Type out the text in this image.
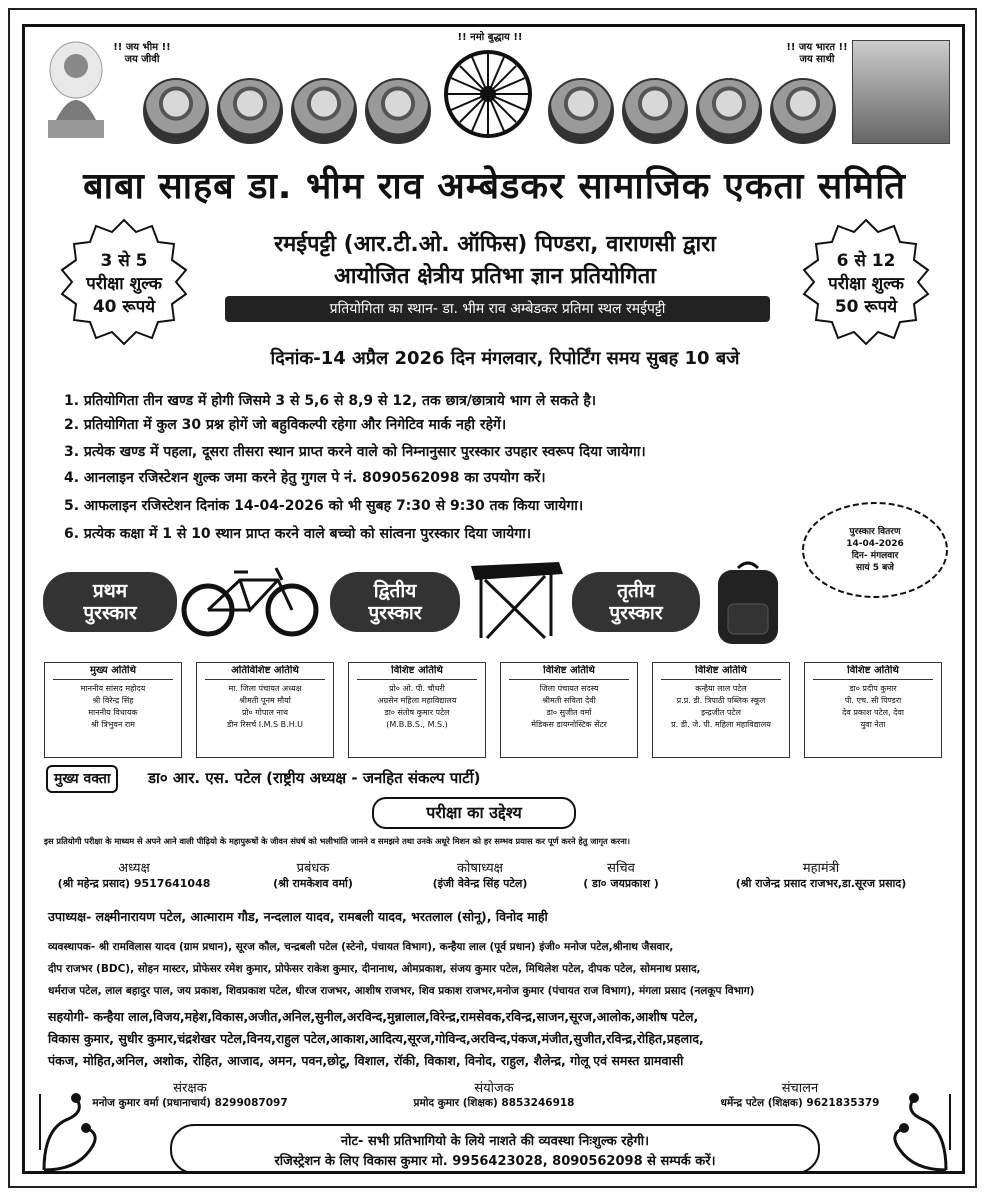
!! जय भीम !!
जय जीवी
!! नमो बुद्धाय !!
!! जय भारत !!
जय साथी
बाबा साहब डा. भीम राव अम्बेडकर सामाजिक एकता समिति
3 से 5
परीक्षा शुल्क
40 रूपये
6 से 12
परीक्षा शुल्क
50 रूपये
रमईपट्टी (आर.टी.ओ. ऑफिस) पिण्डरा, वाराणसी द्वारा
आयोजित क्षेत्रीय प्रतिभा ज्ञान प्रतियोगिता
प्रतियोगिता का स्थान- डा. भीम राव अम्बेडकर प्रतिमा स्थल रमईपट्टी
दिनांक-14 अप्रैल 2026 दिन मंगलवार, रिपोर्टिंग समय सुबह 10 बजे
1. प्रतियोगिता तीन खण्ड में होगी जिसमे 3 से 5,6 से 8,9 से 12, तक छात्र/छात्राये भाग ले सकते है।
2. प्रतियोगिता में कुल 30 प्रश्न होगें जो बहुविकल्पी रहेगा और निगेटिव मार्क नही रहेगें।
3. प्रत्येक खण्ड में पहला, दूसरा तीसरा स्थान प्राप्त करने वाले को निम्नानुसार पुरस्कार उपहार स्वरूप दिया जायेगा।
4. आनलाइन रजिस्टेशन शुल्क जमा करने हेतु गुगल पे नं. 8090562098 का उपयोग करें।
5. आफलाइन रजिस्टेशन दिनांक 14-04-2026 को भी सुबह 7:30 से 9:30 तक किया जायेगा।
6. प्रत्येक कक्षा में 1 से 10 स्थान प्राप्त करने वाले बच्चो को सांत्वना पुरस्कार दिया जायेगा।	पुरस्कार वितरण
14-04-2026
दिन- मंगलवार
सायं 5 बजे
प्रथम
पुरस्कार
द्वितीय
पुरस्कार
तृतीय
पुरस्कार
मुख्य अतिथि
माननीय सांसद महोदय
श्री विरेन्द्र सिंह
माननीय विधायक
श्री त्रिभुवन राम
अतिविशिष्ट अतिथि
मा. जिला पंचायत अध्यक्ष
श्रीमती पूनम मौर्या
प्रो० गोपाल नाथ
डीन रिसर्च I.M.S B.H.U
विशिष्ट अतिथि
प्रो० ओ. पी. चौधरी
अग्रसेन महिला महाविद्यालय
डा० संतोष कुमार पटेल
(M.B.B.S., M.S.)
विशिष्ट अतिथि
जिला पंचायत सदस्य
श्रीमती सविता देवी
डा० सुजीत वर्मा
मेडिकस डायग्नोस्टिक सेंटर
विशिष्ट अतिथि
कन्हैया लाल पटेल
प्र.प्र. डी. त्रिपाठी पब्लिक स्कूल
इन्द्रजीत पटेल
प्र. डी. जे. पी. महिला महाविद्यालय
विशिष्ट अतिथि
डा० प्रदीप कुमार
पी. एच. सी पिण्डरा
देव प्रकाश पटेल, देवा
युवा नेता
मुख्य वक्ता	डा० आर. एस. पटेल (राष्ट्रीय अध्यक्ष - जनहित संकल्प पार्टी)
परीक्षा का उद्देश्य
इस प्रतियोगी परीक्षा के माध्यम से अपने आने वाली पीढ़ियो के महापुरूषों के जीवन संघर्ष को भलीभांति जानने व समझने तथा उनके अधूरे मिशन को हर सम्भव प्रयास कर पूर्ण करने हेतु जागृत करना।
अध्यक्ष
(श्री महेन्द्र प्रसाद) 9517641048
प्रबंधक
(श्री रामकेशव वर्मा)
कोषाध्यक्ष
(इंजी वेवेन्द्र सिंह पटेल)
सचिव
( डा० जयप्रकाश )
महामंत्री
(श्री राजेन्द्र प्रसाद राजभर,डा.सूरज प्रसाद)
उपाध्यक्ष- लक्ष्मीनारायण पटेल, आत्माराम गौड, नन्दलाल यादव, रामबली यादव, भरतलाल (सोनू), विनोद माही
व्यवस्थापक- श्री रामविलास यादव (ग्राम प्रधान), सूरज कौल, चन्द्रबली पटेल (स्टेनो, पंचायत विभाग), कन्हैया लाल (पूर्व प्रधान) इंजी० मनोज पटेल,श्रीनाथ जैसवार,
दीप राजभर (BDC), सोहन मास्टर, प्रोफेसर रमेश कुमार, प्रोफेसर राकेश कुमार, दीनानाथ, ओमप्रकाश, संजय कुमार पटेल, मिथिलेश पटेल, दीपक पटेल, सोमनाथ प्रसाद,
धर्मराज पटेल, लाल बहादुर पाल, जय प्रकाश, शिवप्रकाश पटेल, धीरज राजभर, आशीष राजभर, शिव प्रकाश राजभर,मनोज कुमार (पंचायत राज विभाग), मंगला प्रसाद (नलकूप विभाग)
सहयोगी- कन्हैया लाल,विजय,महेश,विकास,अजीत,अनिल,सुनील,अरविन्द,मुन्नालाल,विरेन्द्र,रामसेवक,रविन्द्र,साजन,सूरज,आलोक,आशीष पटेल,
विकास कुमार, सुधीर कुमार,चंद्रशेखर पटेल,विनय,राहुल पटेल,आकाश,आदित्य,सूरज,गोविन्द,अरविन्द,पंकज,मंजीत,सुजीत,रविन्द्र,रोहित,प्रहलाद,
पंकज, मोहित,अनिल, अशोक, रोहित, आजाद, अमन, पवन,छोटू, विशाल, रॉकी, विकाश, विनोद, राहुल, शैलेन्द्र, गोलू एवं समस्त ग्रामवासी
संरक्षक
मनोज कुमार वर्मा (प्रधानाचार्य) 8299087097
संयोजक
प्रमोद कुमार (शिक्षक) 8853246918
संचालन
धर्मेन्द्र पटेल (शिक्षक) 9621835379
नोट- सभी प्रतिभागियो के लिये नाशते की व्यवस्था निःशुल्क रहेगी।
रजिस्ट्रेशन के लिए विकास कुमार मो. 9956423028, 8090562098 से सम्पर्क करें।
